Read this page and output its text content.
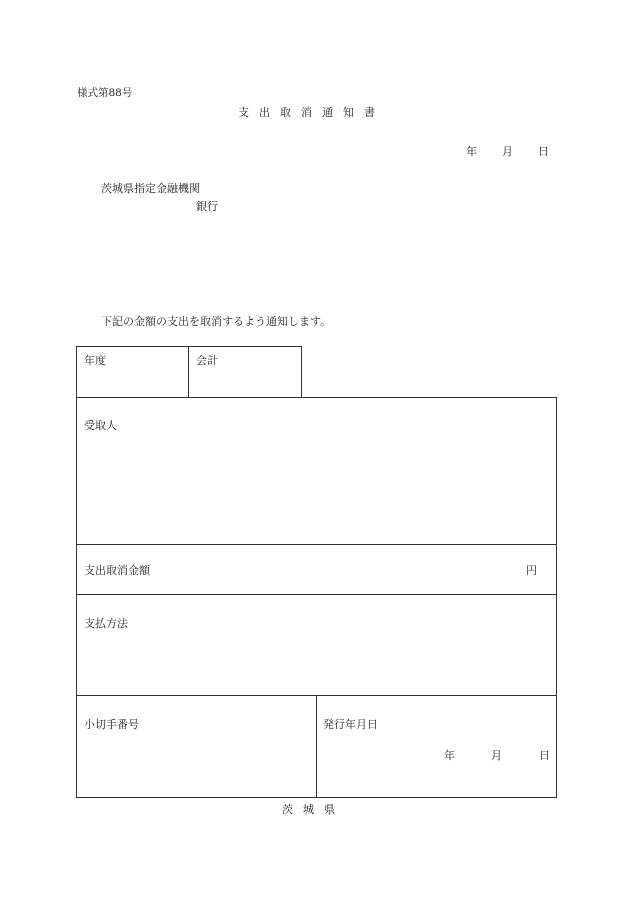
様式第88号
支出取消通知書
年 月 日
茨城県指定金融機関
銀行
下記の金額の支出を取消するよう通知します。
年度	会計
受取人
支出取消金額	円
支払方法
小切手番号	発行年月日
年	月	日
茨城県
